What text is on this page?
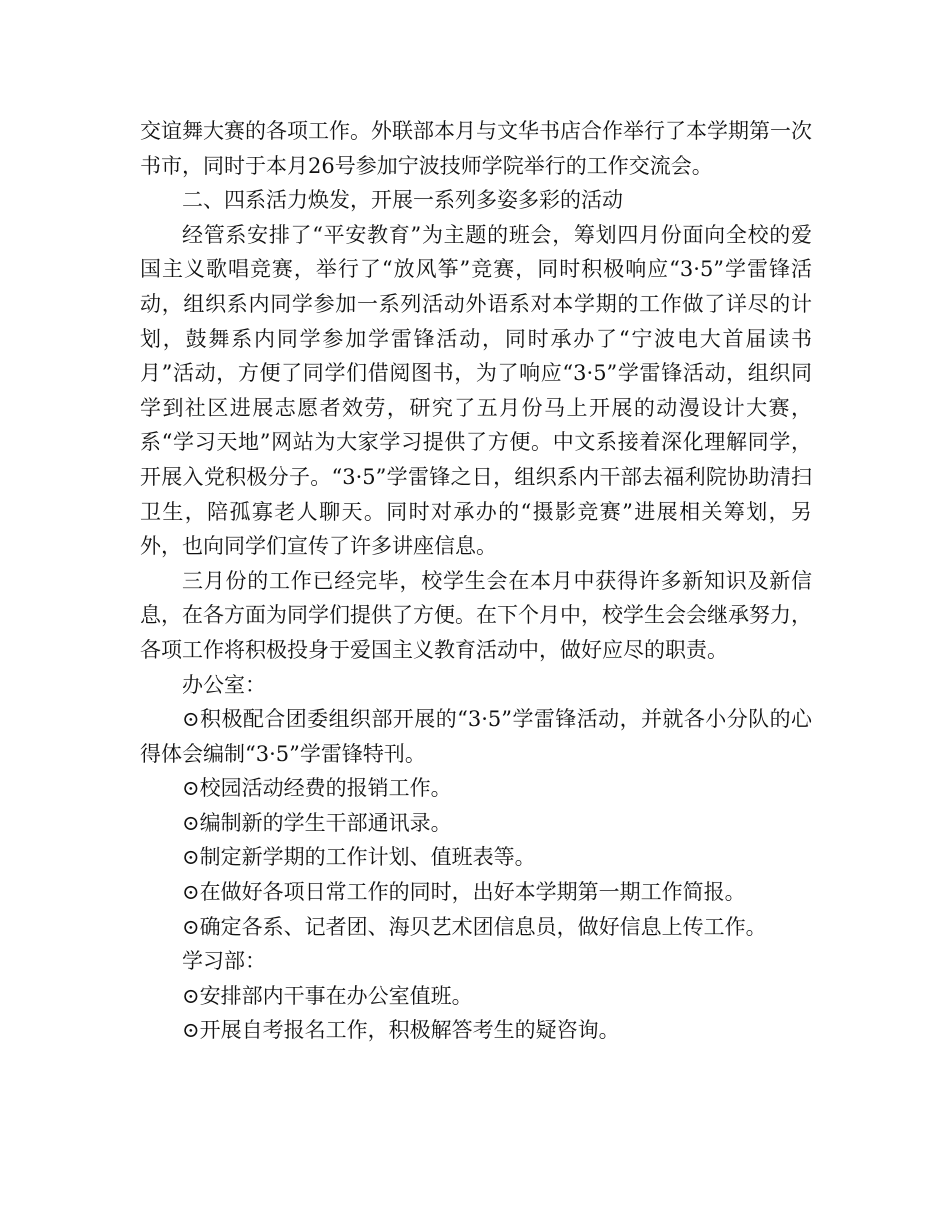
交谊舞大赛的各项工作。外联部本月与文华书店合作举行了本学期第一次书市，同时于本月26号参加宁波技师学院举行的工作交流会。

二、四系活力焕发，开展一系列多姿多彩的活动

经管系安排了“平安教育”为主题的班会，筹划四月份面向全校的爱国主义歌唱竞赛，举行了“放风筝”竞赛，同时积极响应“3·5”学雷锋活动，组织系内同学参加一系列活动外语系对本学期的工作做了详尽的计划，鼓舞系内同学参加学雷锋活动，同时承办了“宁波电大首届读书月”活动，方便了同学们借阅图书，为了响应“3·5”学雷锋活动，组织同学到社区进展志愿者效劳，研究了五月份马上开展的动漫设计大赛，系“学习天地”网站为大家学习提供了方便。中文系接着深化理解同学，开展入党积极分子。“3·5”学雷锋之日，组织系内干部去福利院协助清扫卫生，陪孤寡老人聊天。同时对承办的“摄影竞赛”进展相关筹划，另外，也向同学们宣传了许多讲座信息。

三月份的工作已经完毕，校学生会在本月中获得许多新知识及新信息，在各方面为同学们提供了方便。在下个月中，校学生会会继承努力，各项工作将积极投身于爱国主义教育活动中，做好应尽的职责。

办公室：

⊙积极配合团委组织部开展的“3·5”学雷锋活动，并就各小分队的心得体会编制“3·5”学雷锋特刊。

⊙校园活动经费的报销工作。

⊙编制新的学生干部通讯录。

⊙制定新学期的工作计划、值班表等。

⊙在做好各项日常工作的同时，出好本学期第一期工作简报。

⊙确定各系、记者团、海贝艺术团信息员，做好信息上传工作。

学习部：

⊙安排部内干事在办公室值班。

⊙开展自考报名工作，积极解答考生的疑咨询。
